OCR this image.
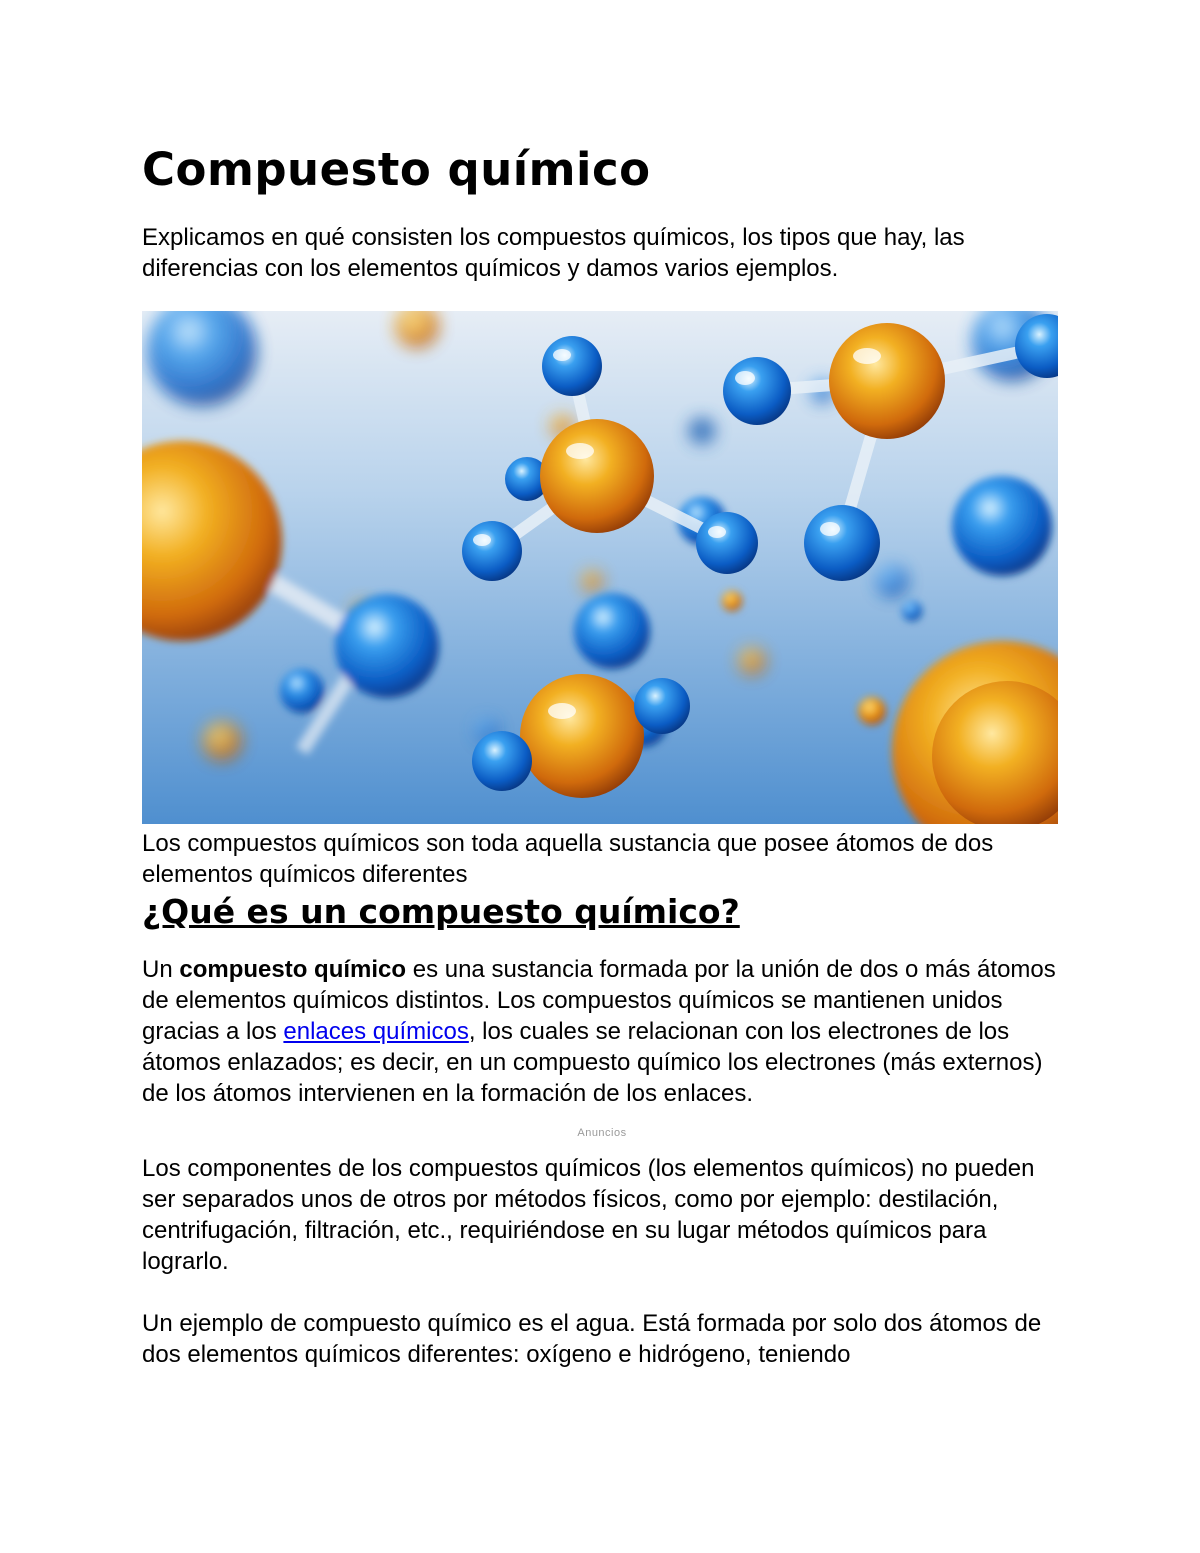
Compuesto químico

Explicamos en qué consisten los compuestos químicos, los tipos que hay, las diferencias con los elementos químicos y damos varios ejemplos.

Los compuestos químicos son toda aquella sustancia que posee átomos de dos elementos químicos diferentes

¿Qué es un compuesto químico?

Un compuesto químico es una sustancia formada por la unión de dos o más átomos de elementos químicos distintos. Los compuestos químicos se mantienen unidos gracias a los enlaces químicos, los cuales se relacionan con los electrones de los átomos enlazados; es decir, en un compuesto químico los electrones (más externos) de los átomos intervienen en la formación de los enlaces.

Anuncios

Los componentes de los compuestos químicos (los elementos químicos) no pueden ser separados unos de otros por métodos físicos, como por ejemplo: destilación, centrifugación, filtración, etc., requiriéndose en su lugar métodos químicos para lograrlo.

Un ejemplo de compuesto químico es el agua. Está formada por solo dos átomos de dos elementos químicos diferentes: oxígeno e hidrógeno, teniendo
